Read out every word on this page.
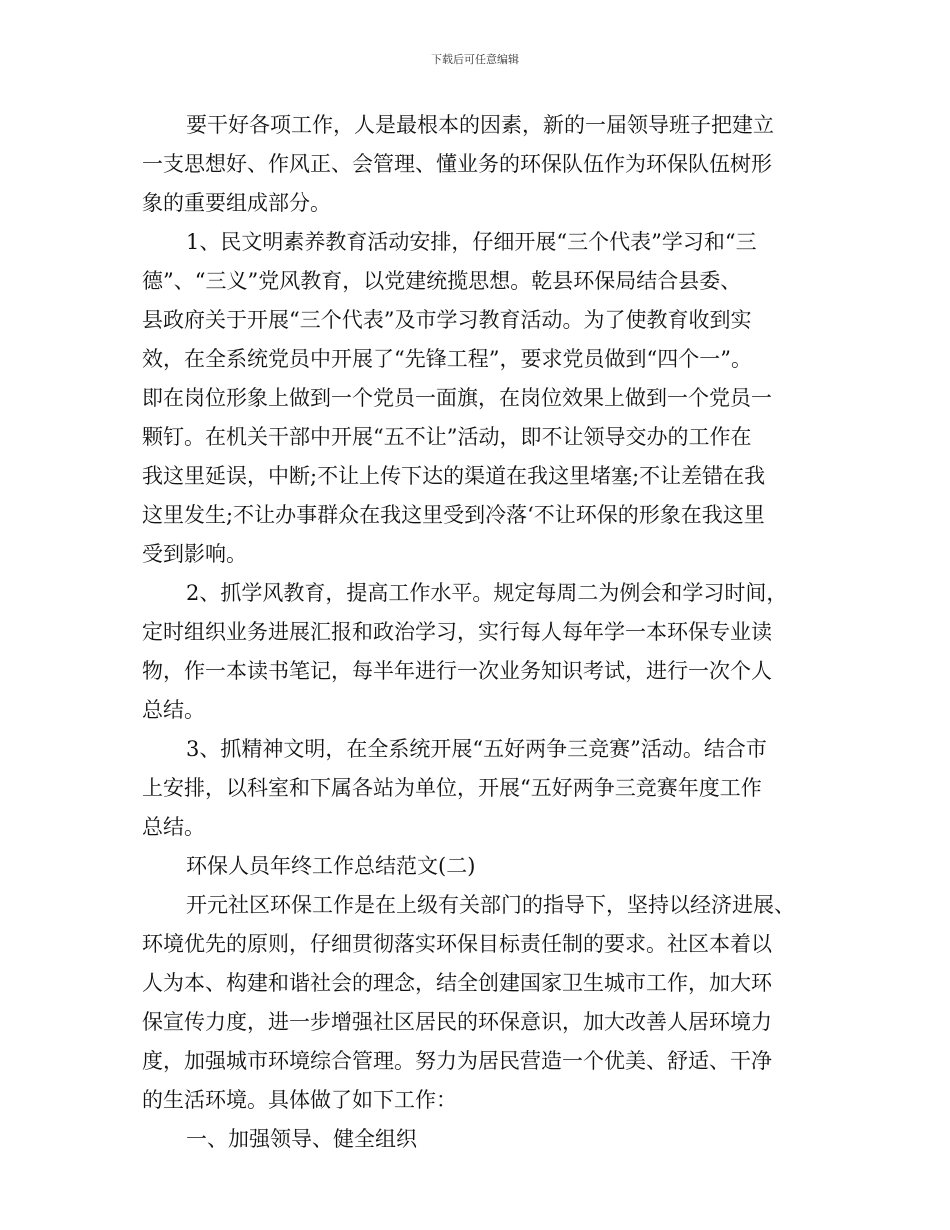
下载后可任意编辑
要干好各项工作，人是最根本的因素，新的一届领导班子把建立
一支思想好、作风正、会管理、懂业务的环保队伍作为环保队伍树形
象的重要组成部分。
1、民文明素养教育活动安排，仔细开展“三个代表”学习和“三
德”、“三义”党风教育，以党建统揽思想。乾县环保局结合县委、
县政府关于开展“三个代表”及市学习教育活动。为了使教育收到实
效，在全系统党员中开展了“先锋工程”，要求党员做到“四个一”。
即在岗位形象上做到一个党员一面旗，在岗位效果上做到一个党员一
颗钉。在机关干部中开展“五不让”活动，即不让领导交办的工作在
我这里延误，中断;不让上传下达的渠道在我这里堵塞;不让差错在我
这里发生;不让办事群众在我这里受到冷落‘不让环保的形象在我这里
受到影响。
2、抓学风教育，提高工作水平。规定每周二为例会和学习时间，
定时组织业务进展汇报和政治学习，实行每人每年学一本环保专业读
物，作一本读书笔记，每半年进行一次业务知识考试，进行一次个人
总结。
3、抓精神文明，在全系统开展“五好两争三竞赛”活动。结合市
上安排，以科室和下属各站为单位，开展“五好两争三竞赛年度工作
总结。
环保人员年终工作总结范文(二)
开元社区环保工作是在上级有关部门的指导下，坚持以经济进展、
环境优先的原则，仔细贯彻落实环保目标责任制的要求。社区本着以
人为本、构建和谐社会的理念，结全创建国家卫生城市工作，加大环
保宣传力度，进一步增强社区居民的环保意识，加大改善人居环境力
度，加强城市环境综合管理。努力为居民营造一个优美、舒适、干净
的生活环境。具体做了如下工作：
一、加强领导、健全组织
